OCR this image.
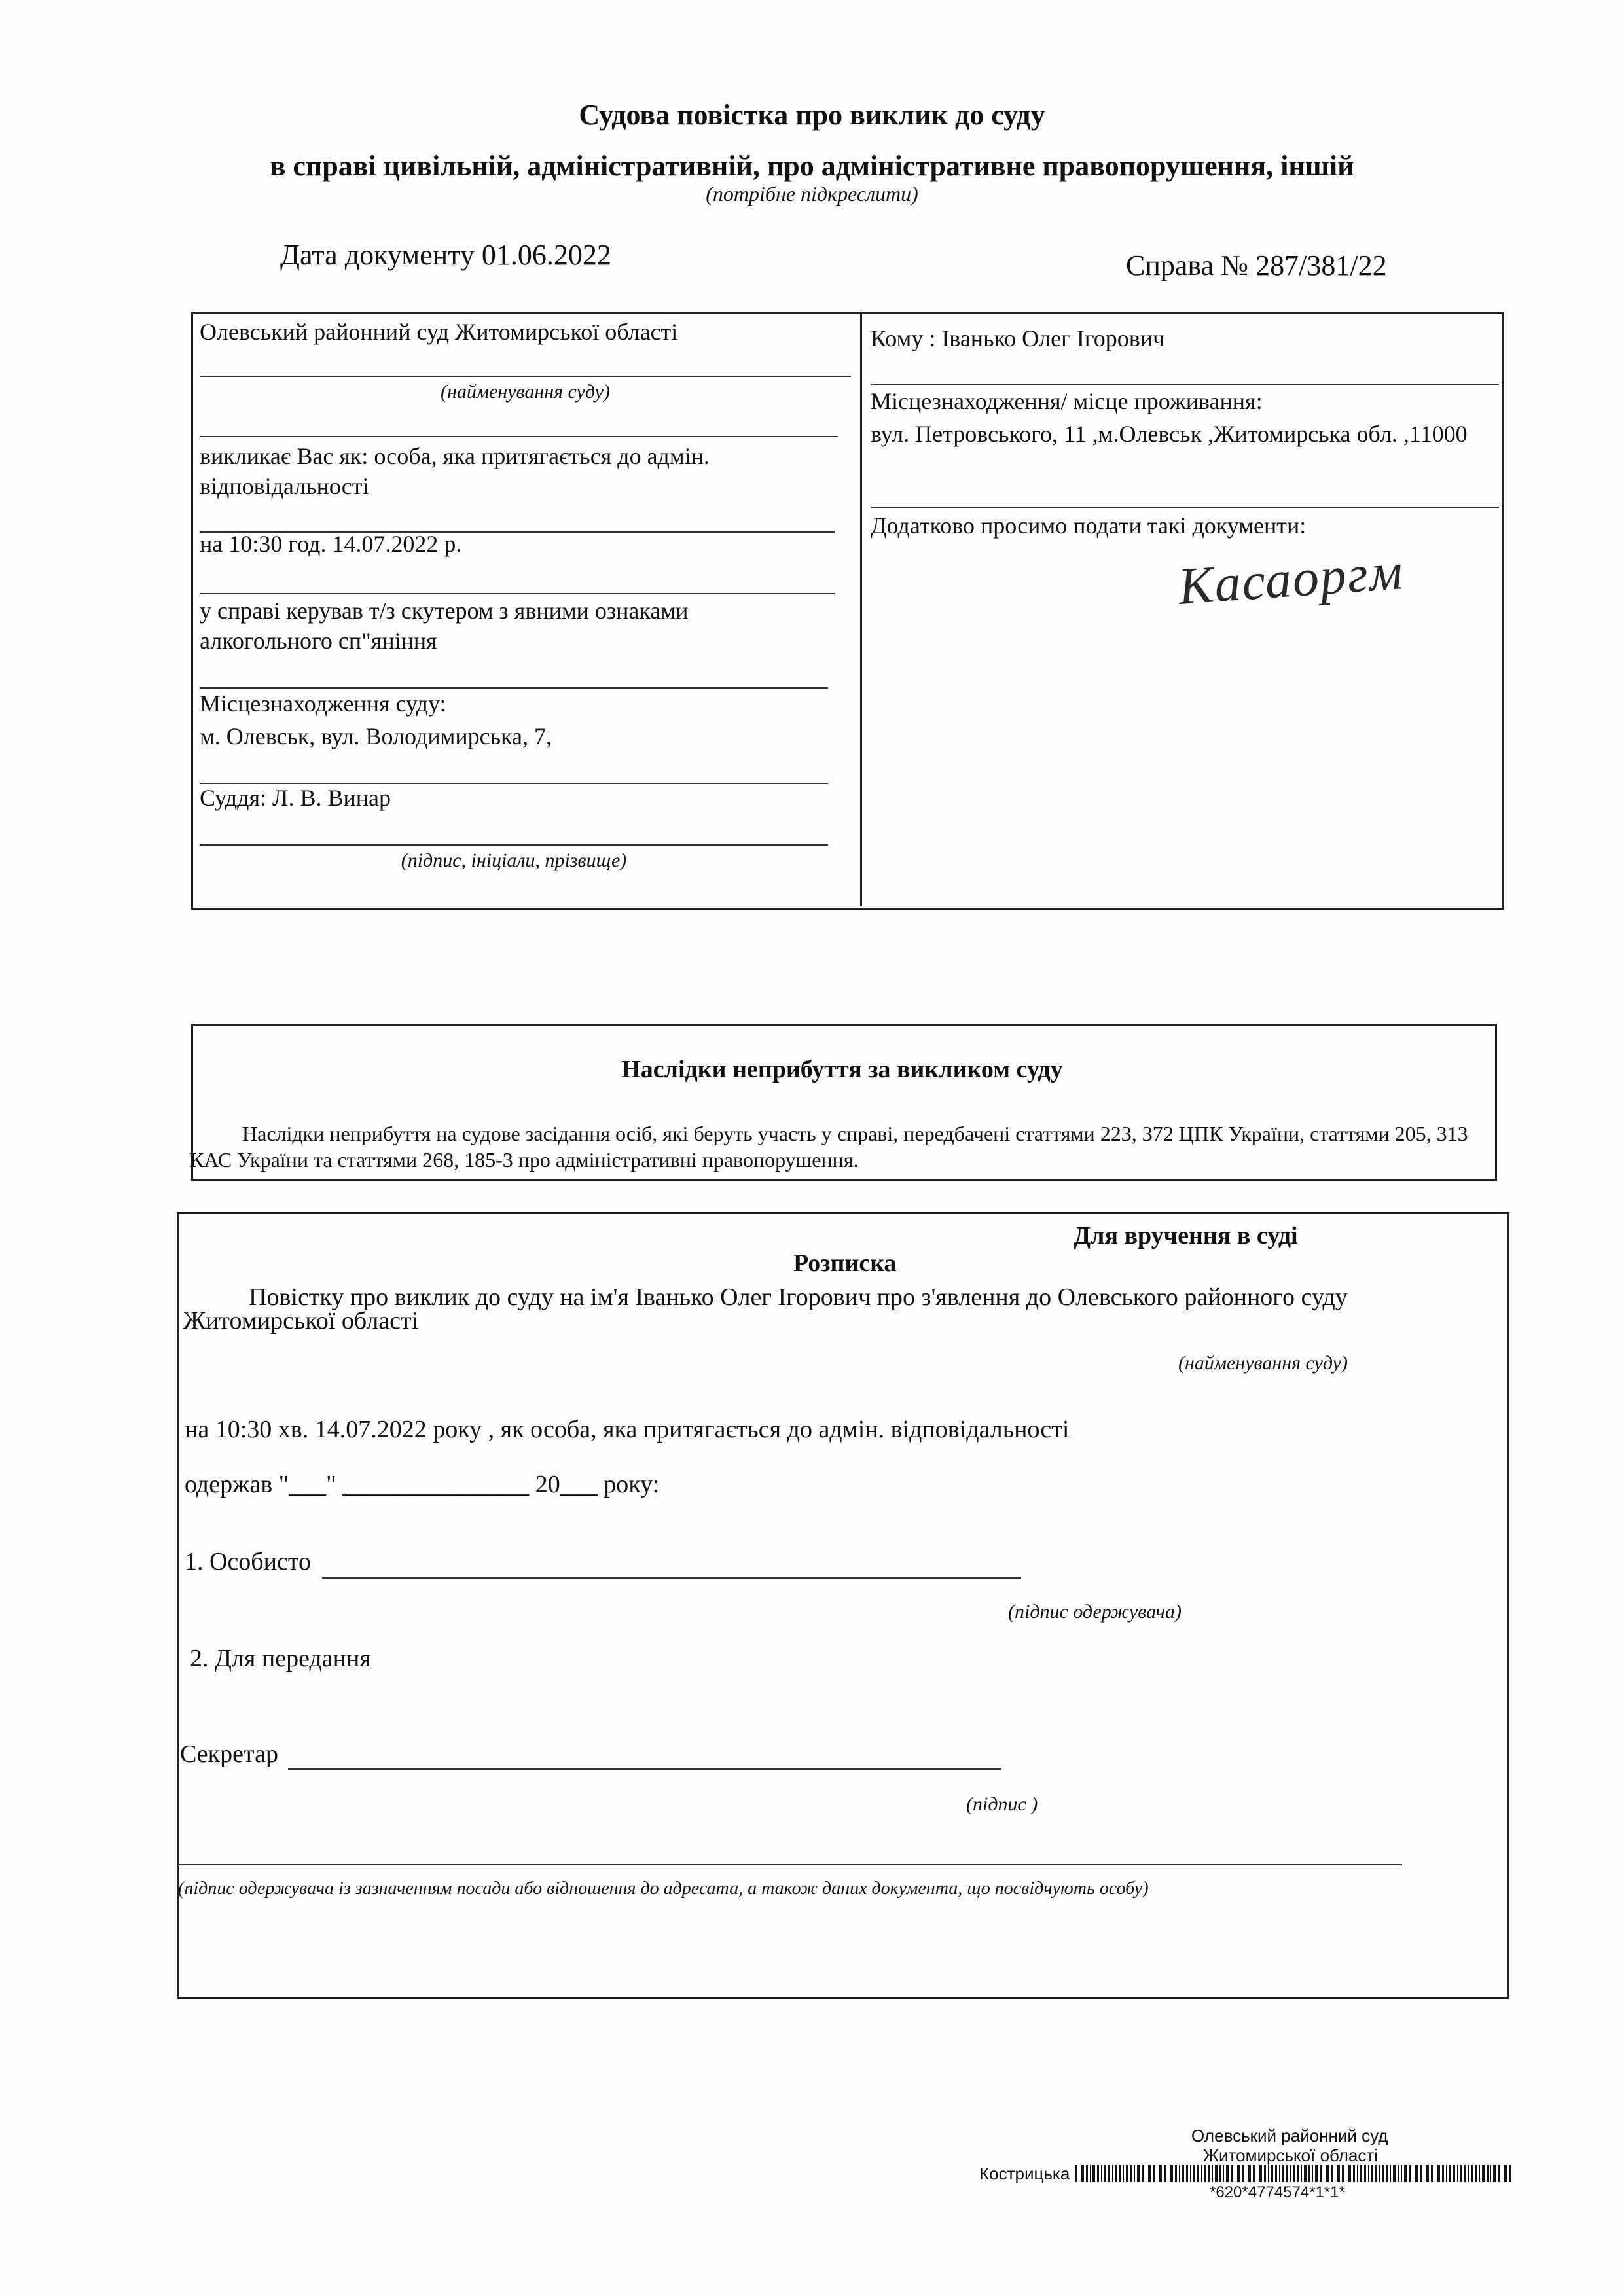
Судова повістка про виклик до суду
в справі цивільній, адміністративній, про адміністративне правопорушення, іншій
(потрібне підкреслити)
Дата документу 01.06.2022	Справа № 287/381/22
Олевський районний суд Житомирської області
(найменування суду)
викликає Вас як: особа, яка притягається до адмін. відповідальності
на 10:30 год. 14.07.2022 р.
у справі керував т/з скутером з явними ознаками алкогольного сп"яніння
Місцезнаходження суду:
м. Олевськ, вул. Володимирська, 7,
Суддя: Л. В. Винар
(підпис, ініціали, прізвище)
Кому : Іванько Олег Ігорович
Місцезнаходження/ місце проживання:
вул. Петровського, 11 ,м.Олевськ ,Житомирська обл. ,11000
Додатково просимо подати такі документи:
Касаоргм
Наслідки неприбуття за викликом суду
Наслідки неприбуття на судове засідання осіб, які беруть участь у справі, передбачені статтями 223, 372 ЦПК України, статтями 205, 313 КАС України та статтями 268, 185-3 про адміністративні правопорушення.
Для вручення в суді
Розписка
Повістку про виклик до суду на ім'я Іванько Олег Ігорович про з'явлення до Олевського районного суду
Житомирської області
(найменування суду)
на 10:30 хв. 14.07.2022 року , як особа, яка притягається до адмін. відповідальності
одержав "___" _______________ 20___ року:
1. Особисто
(підпис одержувача)
2. Для передання
Секретар
(підпис )
(підпис одержувача із зазначенням посади або відношення до адресата, а також даних документа, що посвідчують особу)
Олевський районний суд
Житомирської області
Кострицька
*620*4774574*1*1*
